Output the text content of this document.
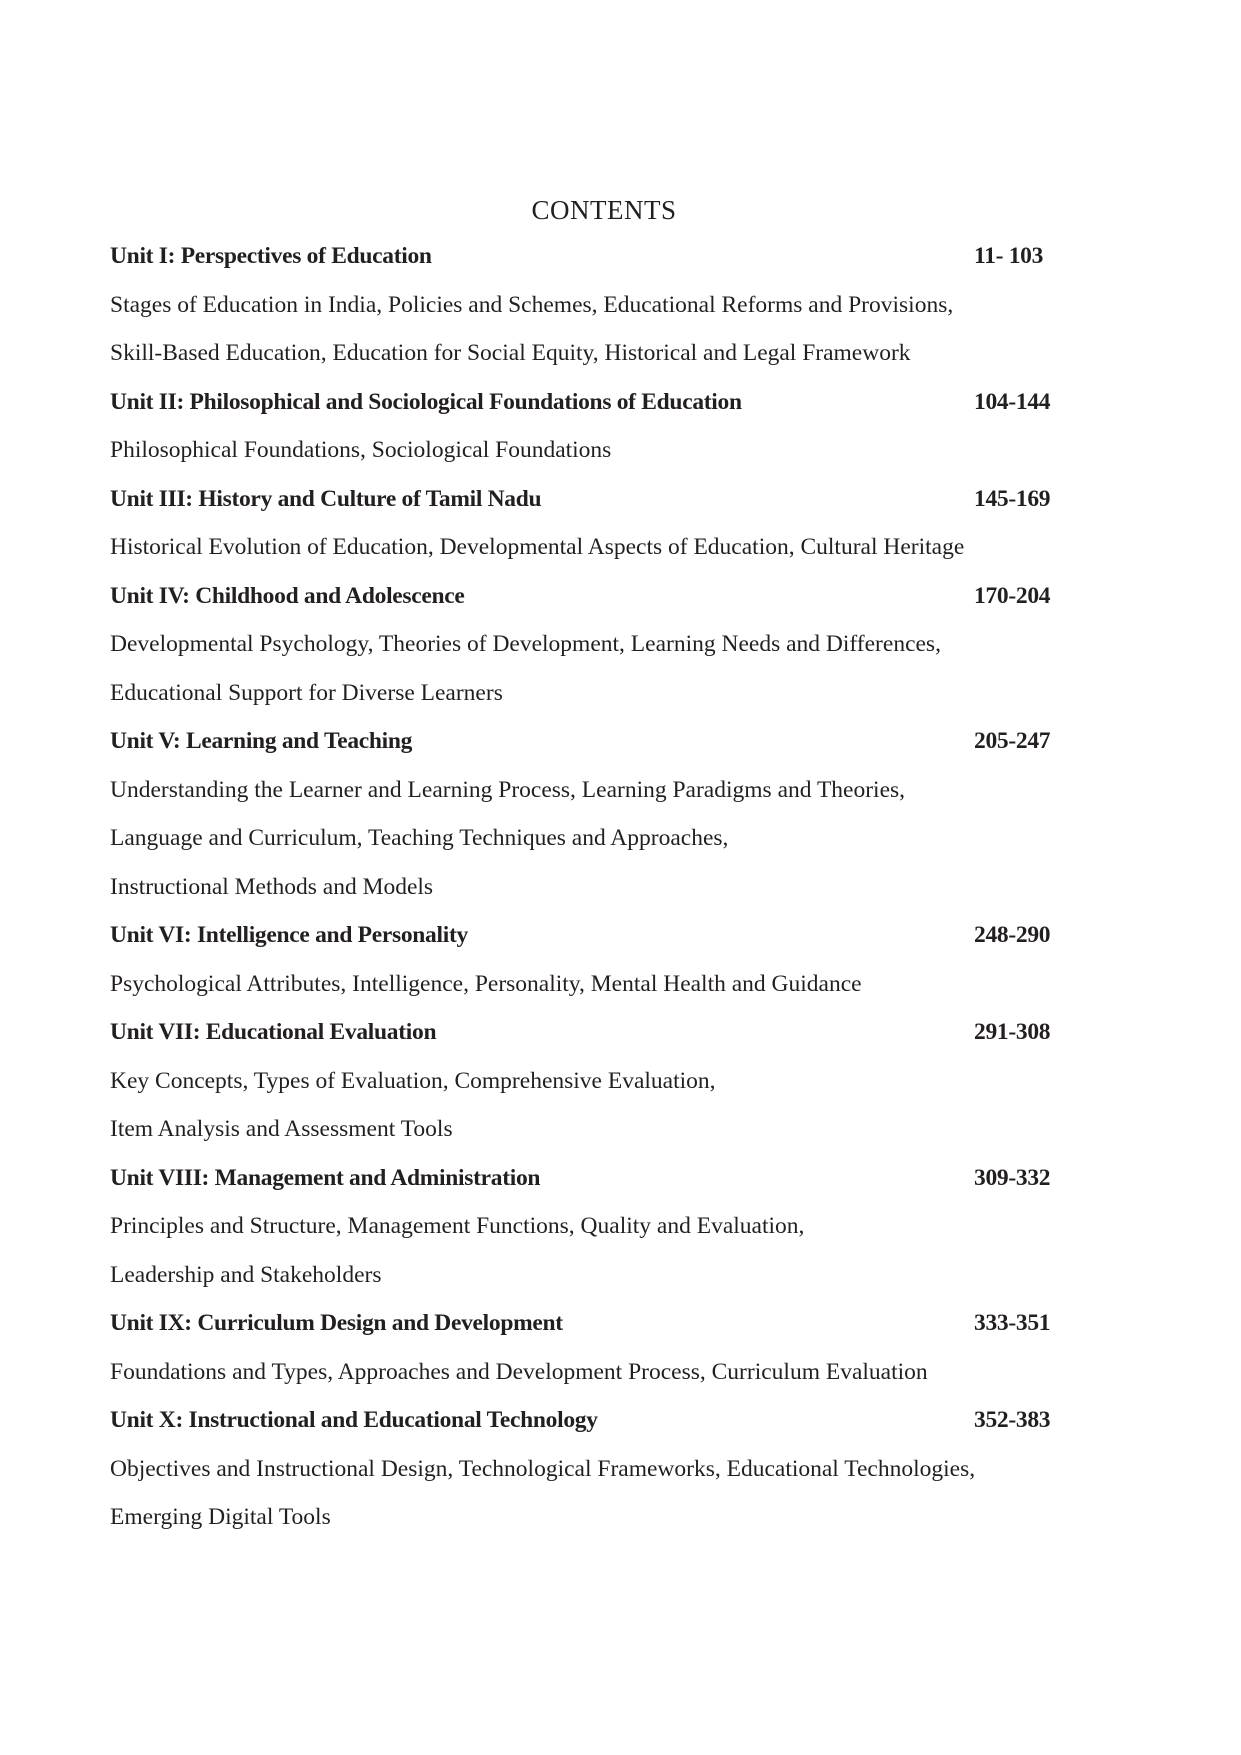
CONTENTS
Unit I: Perspectives of Education	11- 103
Stages of Education in India, Policies and Schemes, Educational Reforms and Provisions,
Skill-Based Education, Education for Social Equity, Historical and Legal Framework
Unit II: Philosophical and Sociological Foundations of Education	104-144
Philosophical Foundations, Sociological Foundations
Unit III: History and Culture of Tamil Nadu	145-169
Historical Evolution of Education, Developmental Aspects of Education, Cultural Heritage
Unit IV: Childhood and Adolescence	170-204
Developmental Psychology, Theories of Development, Learning Needs and Differences,
Educational Support for Diverse Learners
Unit V: Learning and Teaching	205-247
Understanding the Learner and Learning Process, Learning Paradigms and Theories,
Language and Curriculum, Teaching Techniques and Approaches,
Instructional Methods and Models
Unit VI: Intelligence and Personality	248-290
Psychological Attributes, Intelligence, Personality, Mental Health and Guidance
Unit VII: Educational Evaluation	291-308
Key Concepts, Types of Evaluation, Comprehensive Evaluation,
Item Analysis and Assessment Tools
Unit VIII: Management and Administration	309-332
Principles and Structure, Management Functions, Quality and Evaluation,
Leadership and Stakeholders
Unit IX: Curriculum Design and Development	333-351
Foundations and Types, Approaches and Development Process, Curriculum Evaluation
Unit X: Instructional and Educational Technology	352-383
Objectives and Instructional Design, Technological Frameworks, Educational Technologies,
Emerging Digital Tools
